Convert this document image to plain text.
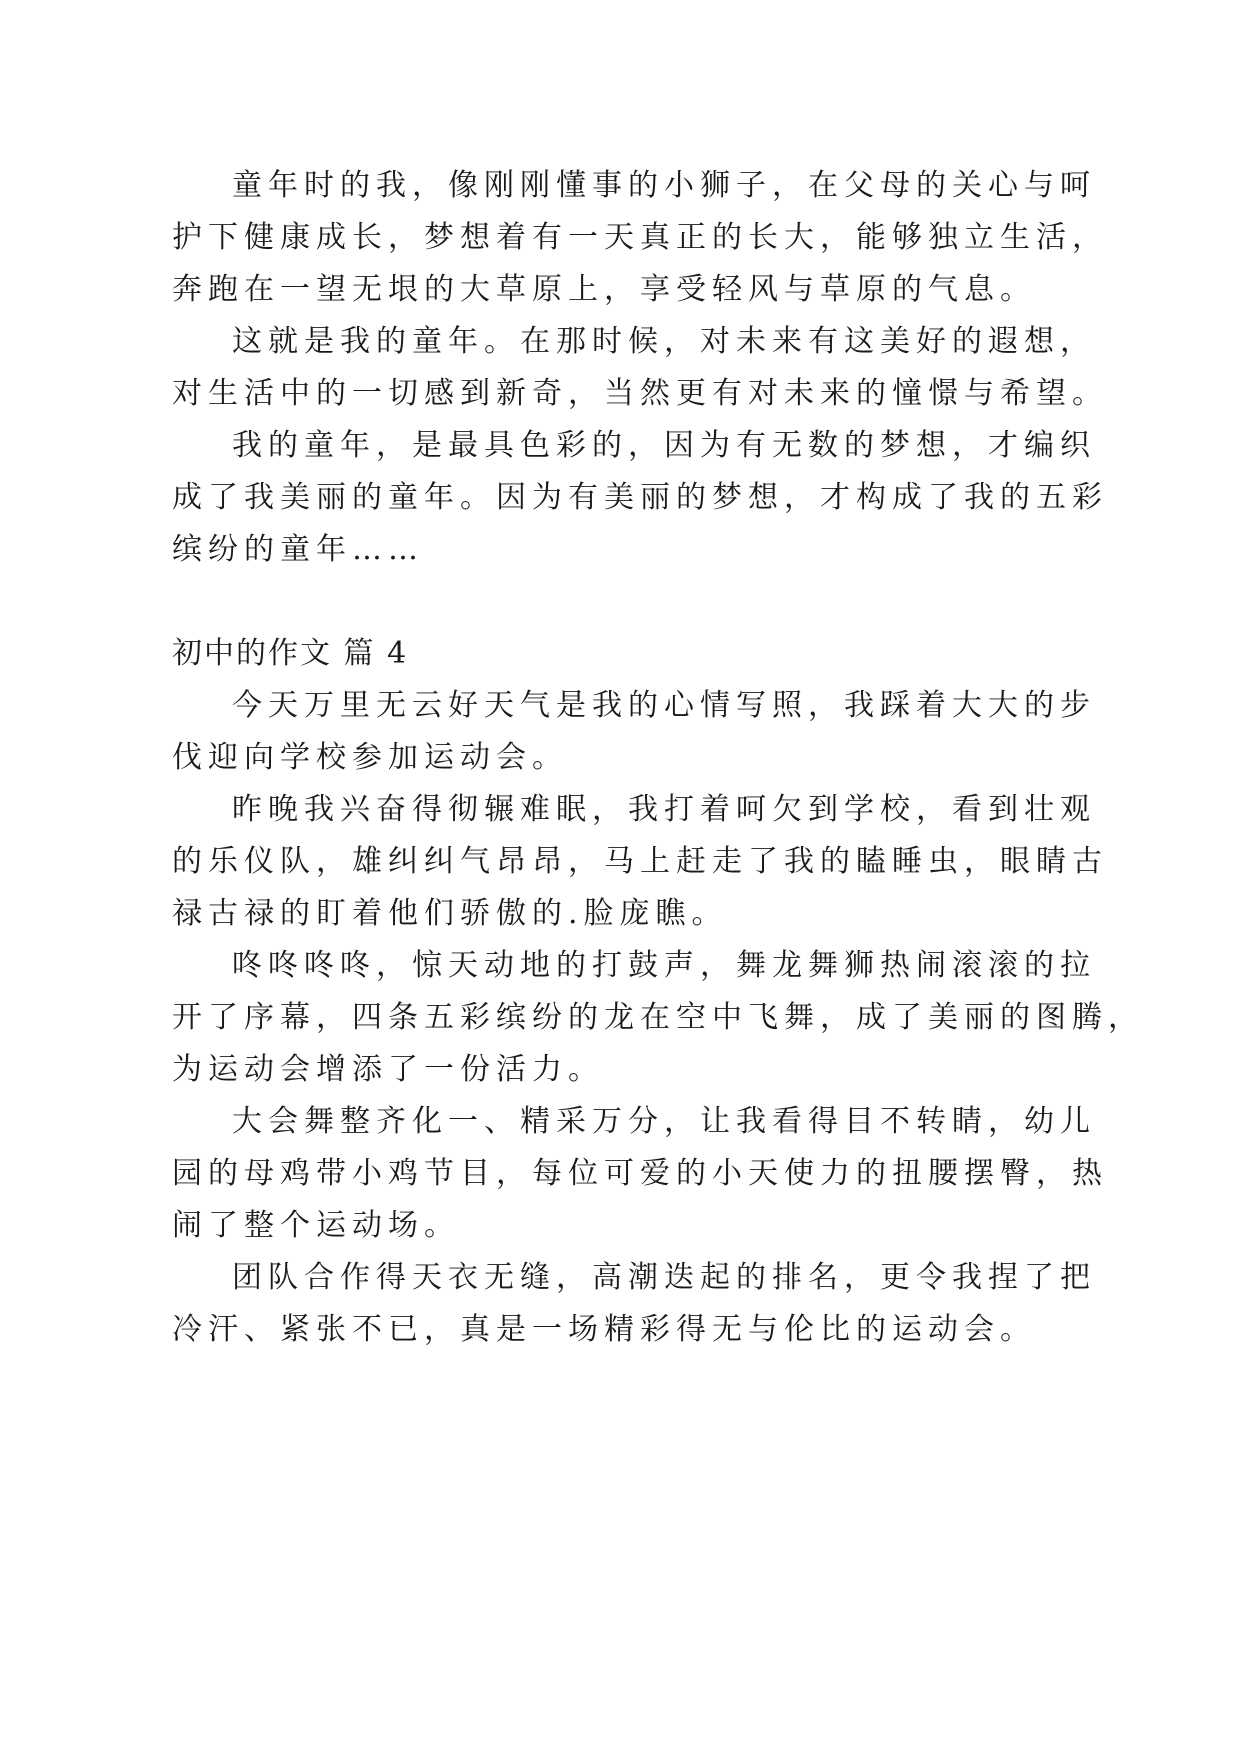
童年时的我，像刚刚懂事的小狮子，在父母的关心与呵

护下健康成长，梦想着有一天真正的长大，能够独立生活，

奔跑在一望无垠的大草原上，享受轻风与草原的气息。

这就是我的童年。在那时候，对未来有这美好的遐想，

对生活中的一切感到新奇，当然更有对未来的憧憬与希望。

我的童年，是最具色彩的，因为有无数的梦想，才编织

成了我美丽的童年。因为有美丽的梦想，才构成了我的五彩

缤纷的童年……

初中的作文 篇 4

今天万里无云好天气是我的心情写照，我踩着大大的步

伐迎向学校参加运动会。

昨晚我兴奋得彻辗难眠，我打着呵欠到学校，看到壮观

的乐仪队，雄纠纠气昂昂，马上赶走了我的瞌睡虫，眼睛古

禄古禄的盯着他们骄傲的.脸庞瞧。

咚咚咚咚，惊天动地的打鼓声，舞龙舞狮热闹滚滚的拉

开了序幕，四条五彩缤纷的龙在空中飞舞，成了美丽的图腾，

为运动会增添了一份活力。

大会舞整齐化一、精采万分，让我看得目不转睛，幼儿

园的母鸡带小鸡节目，每位可爱的小天使力的扭腰摆臀，热

闹了整个运动场。

团队合作得天衣无缝，高潮迭起的排名，更令我捏了把

冷汗、紧张不已，真是一场精彩得无与伦比的运动会。
